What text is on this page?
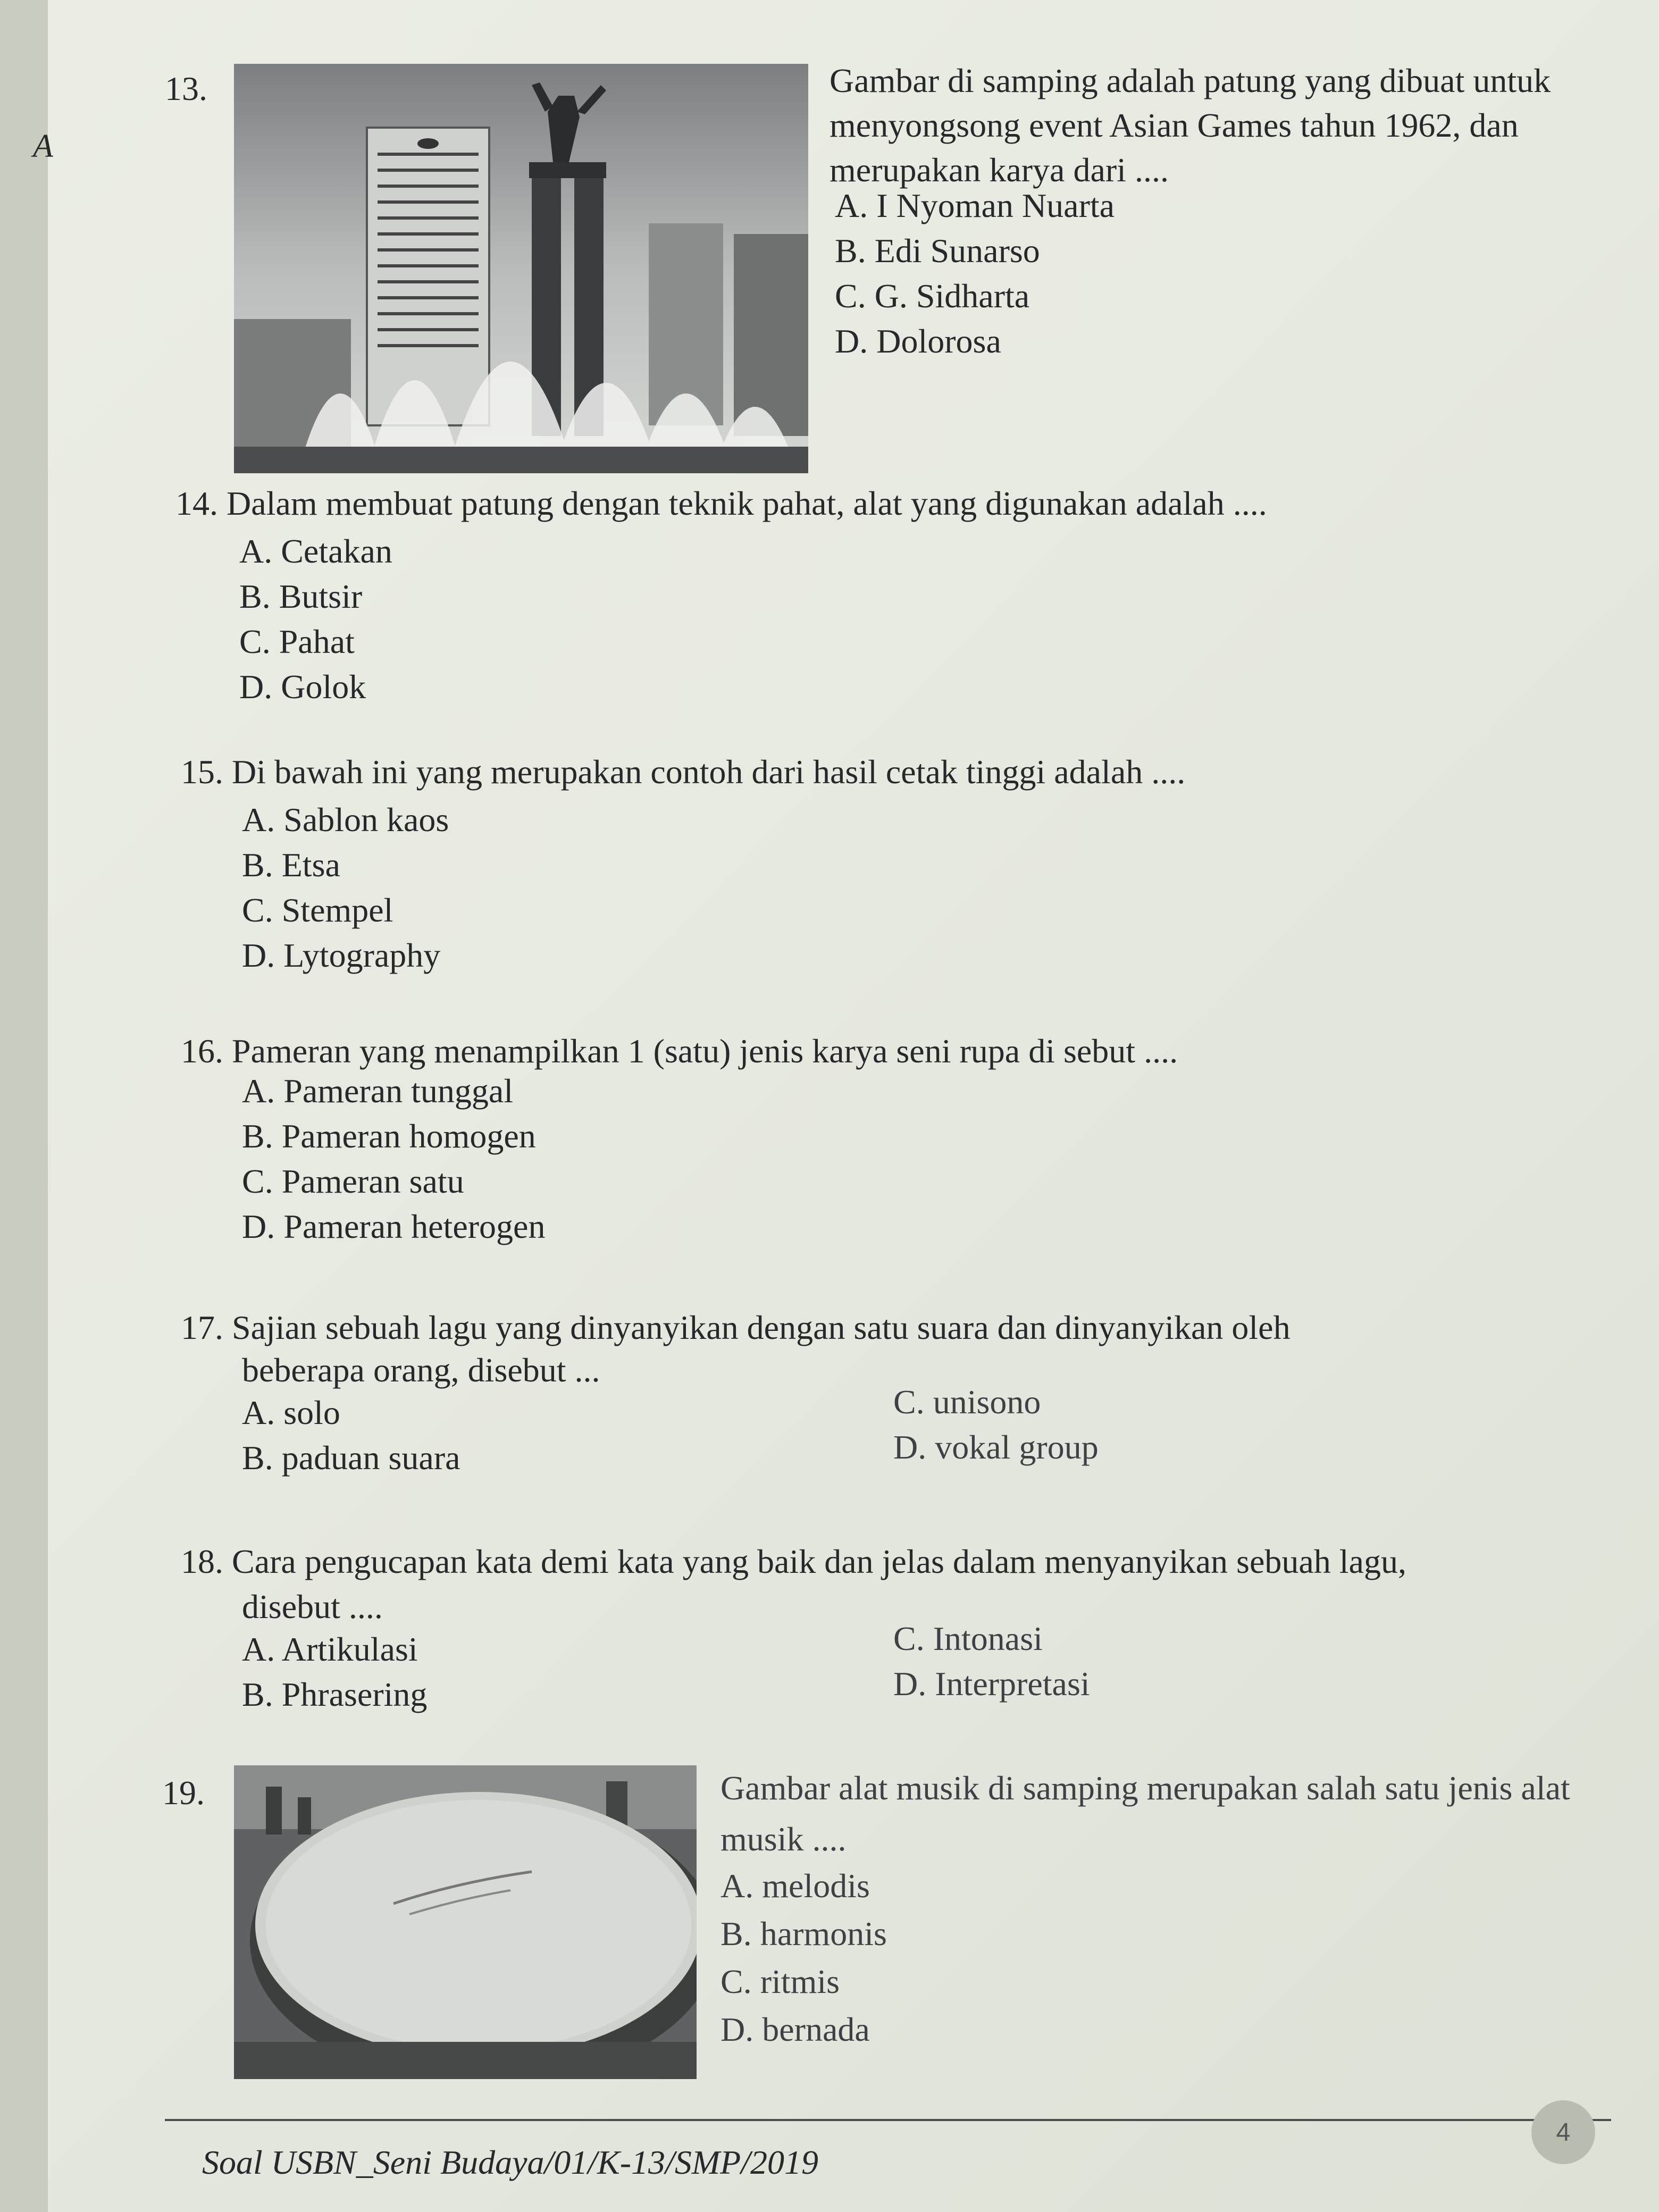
A
13.	Gambar di samping adalah patung yang dibuat untuk menyongsong event Asian Games tahun 1962, dan merupakan karya dari ....
A. I Nyoman Nuarta
B. Edi Sunarso
C. G. Sidharta
D. Dolorosa
14. Dalam membuat patung dengan teknik pahat, alat yang digunakan adalah ....
A. Cetakan
B. Butsir
C. Pahat
D. Golok
15. Di bawah ini yang merupakan contoh dari hasil cetak tinggi adalah ....
A. Sablon kaos
B. Etsa
C. Stempel
D. Lytography
16. Pameran yang menampilkan 1 (satu) jenis karya seni rupa di sebut ....
A. Pameran tunggal
B. Pameran homogen
C. Pameran satu
D. Pameran heterogen
17. Sajian sebuah lagu yang dinyanyikan dengan satu suara dan dinyanyikan oleh
beberapa orang, disebut ...
A. solo
B. paduan suara
C. unisono
D. vokal group
18. Cara pengucapan kata demi kata yang baik dan jelas dalam menyanyikan sebuah lagu,
disebut ....
A. Artikulasi
B. Phrasering
C. Intonasi
D. Interpretasi
19.	Gambar alat musik di samping merupakan salah satu jenis alat musik ....
A. melodis
B. harmonis
C. ritmis
D. bernada
Soal USBN_Seni Budaya/01/K-13/SMP/2019
4
